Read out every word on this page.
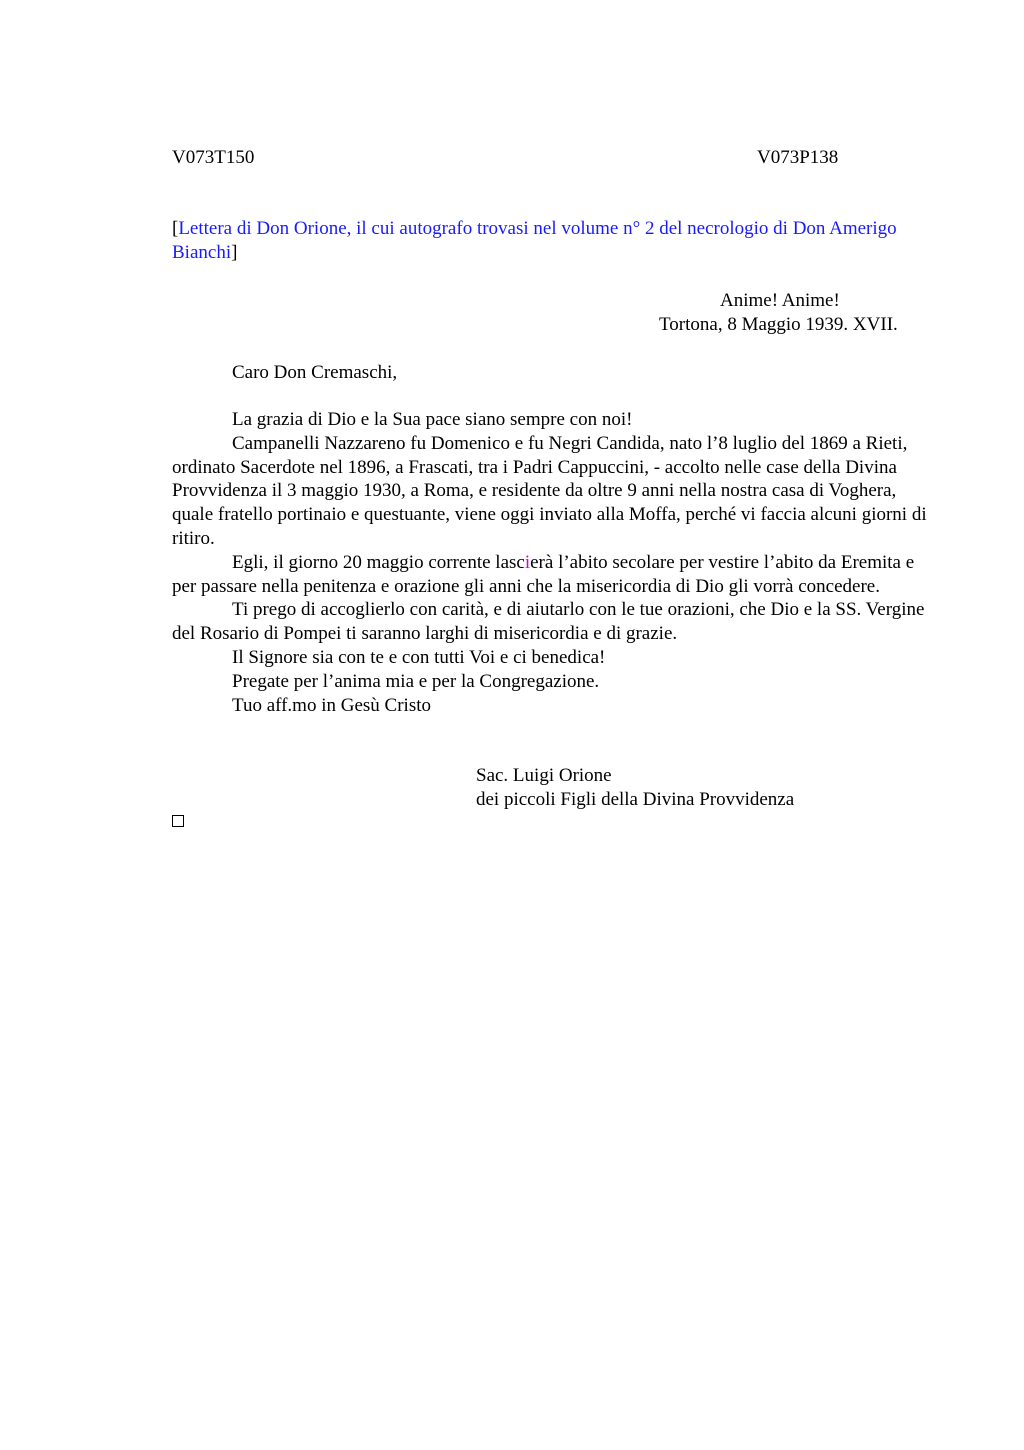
V073T150	V073P138
[Lettera di Don Orione, il cui autografo trovasi nel volume n° 2 del necrologio di Don Amerigo Bianchi]
Anime! Anime!
Tortona, 8 Maggio 1939. XVII.
Caro Don Cremaschi,

La grazia di Dio e la Sua pace siano sempre con noi!

Campanelli Nazzareno fu Domenico e fu Negri Candida, nato l’8 luglio del 1869 a Rieti, ordinato Sacerdote nel 1896, a Frascati, tra i Padri Cappuccini, - accolto nelle case della Divina Provvidenza il 3 maggio 1930, a Roma, e residente da oltre 9 anni nella nostra casa di Voghera, quale fratello portinaio e questuante, viene oggi inviato alla Moffa, perché vi faccia alcuni giorni di ritiro.

Egli, il giorno 20 maggio corrente lascierà l’abito secolare per vestire l’abito da Eremita e per passare nella penitenza e orazione gli anni che la misericordia di Dio gli vorrà concedere.

Ti prego di accoglierlo con carità, e di aiutarlo con le tue orazioni, che Dio e la SS. Vergine del Rosario di Pompei ti saranno larghi di misericordia e di grazie.

Il Signore sia con te e con tutti Voi e ci benedica!

Pregate per l’anima mia e per la Congregazione.

Tuo aff.mo in Gesù Cristo

Sac. Luigi Orione
dei piccoli Figli della Divina Provvidenza
